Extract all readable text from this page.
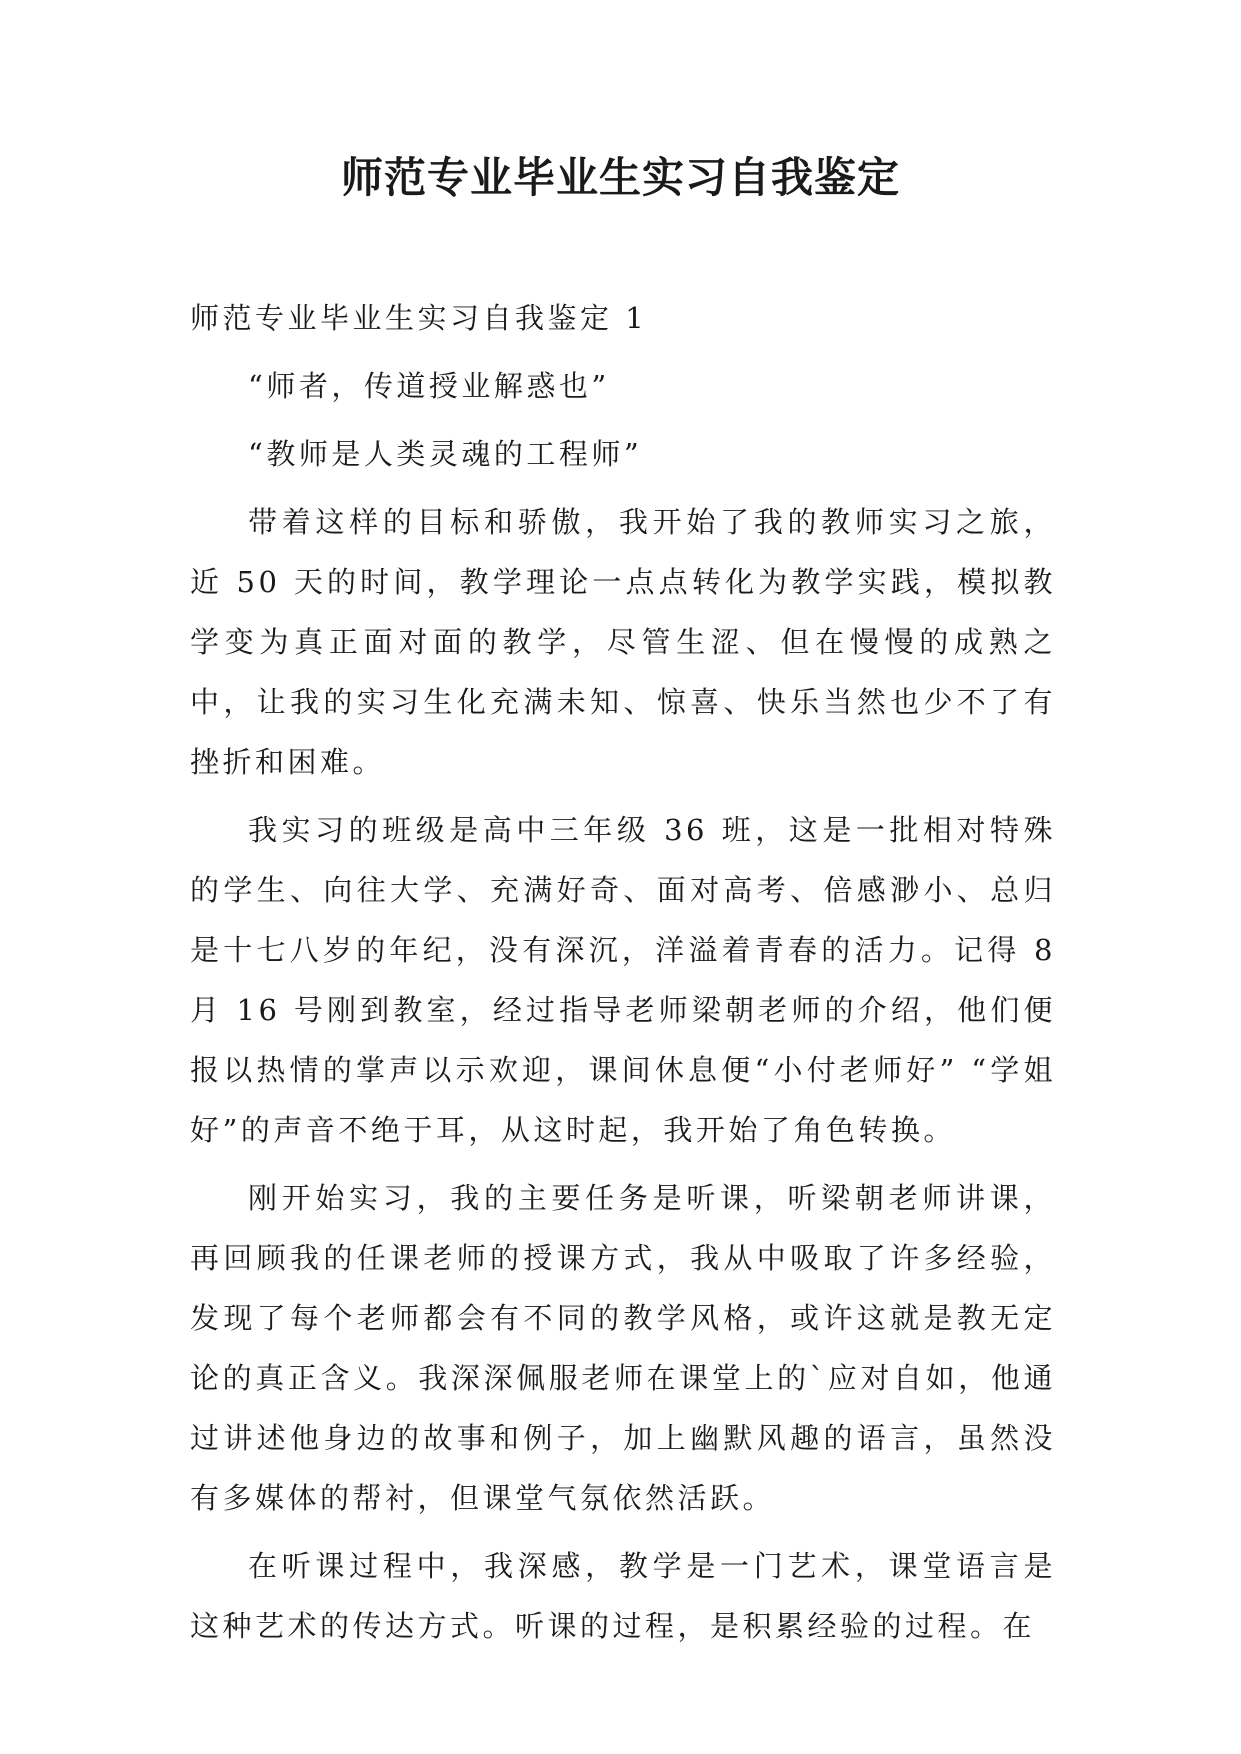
师范专业毕业生实习自我鉴定

师范专业毕业生实习自我鉴定 1

“师者，传道授业解惑也”

“教师是人类灵魂的工程师”

带着这样的目标和骄傲，我开始了我的教师实习之旅，近 50 天的时间，教学理论一点点转化为教学实践，模拟教学变为真正面对面的教学，尽管生涩、但在慢慢的成熟之中，让我的实习生化充满未知、惊喜、快乐当然也少不了有挫折和困难。

我实习的班级是高中三年级 36 班，这是一批相对特殊的学生、向往大学、充满好奇、面对高考、倍感渺小、总归是十七八岁的年纪，没有深沉，洋溢着青春的活力。记得 8 月 16 号刚到教室，经过指导老师梁朝老师的介绍，他们便报以热情的掌声以示欢迎，课间休息便“小付老师好” “学姐好”的声音不绝于耳，从这时起，我开始了角色转换。

刚开始实习，我的主要任务是听课，听梁朝老师讲课，再回顾我的任课老师的授课方式，我从中吸取了许多经验，发现了每个老师都会有不同的教学风格，或许这就是教无定论的真正含义。我深深佩服老师在课堂上的`应对自如，他通过讲述他身边的故事和例子，加上幽默风趣的语言，虽然没有多媒体的帮衬，但课堂气氛依然活跃。

在听课过程中，我深感，教学是一门艺术，课堂语言是这种艺术的传达方式。听课的过程，是积累经验的过程。在
